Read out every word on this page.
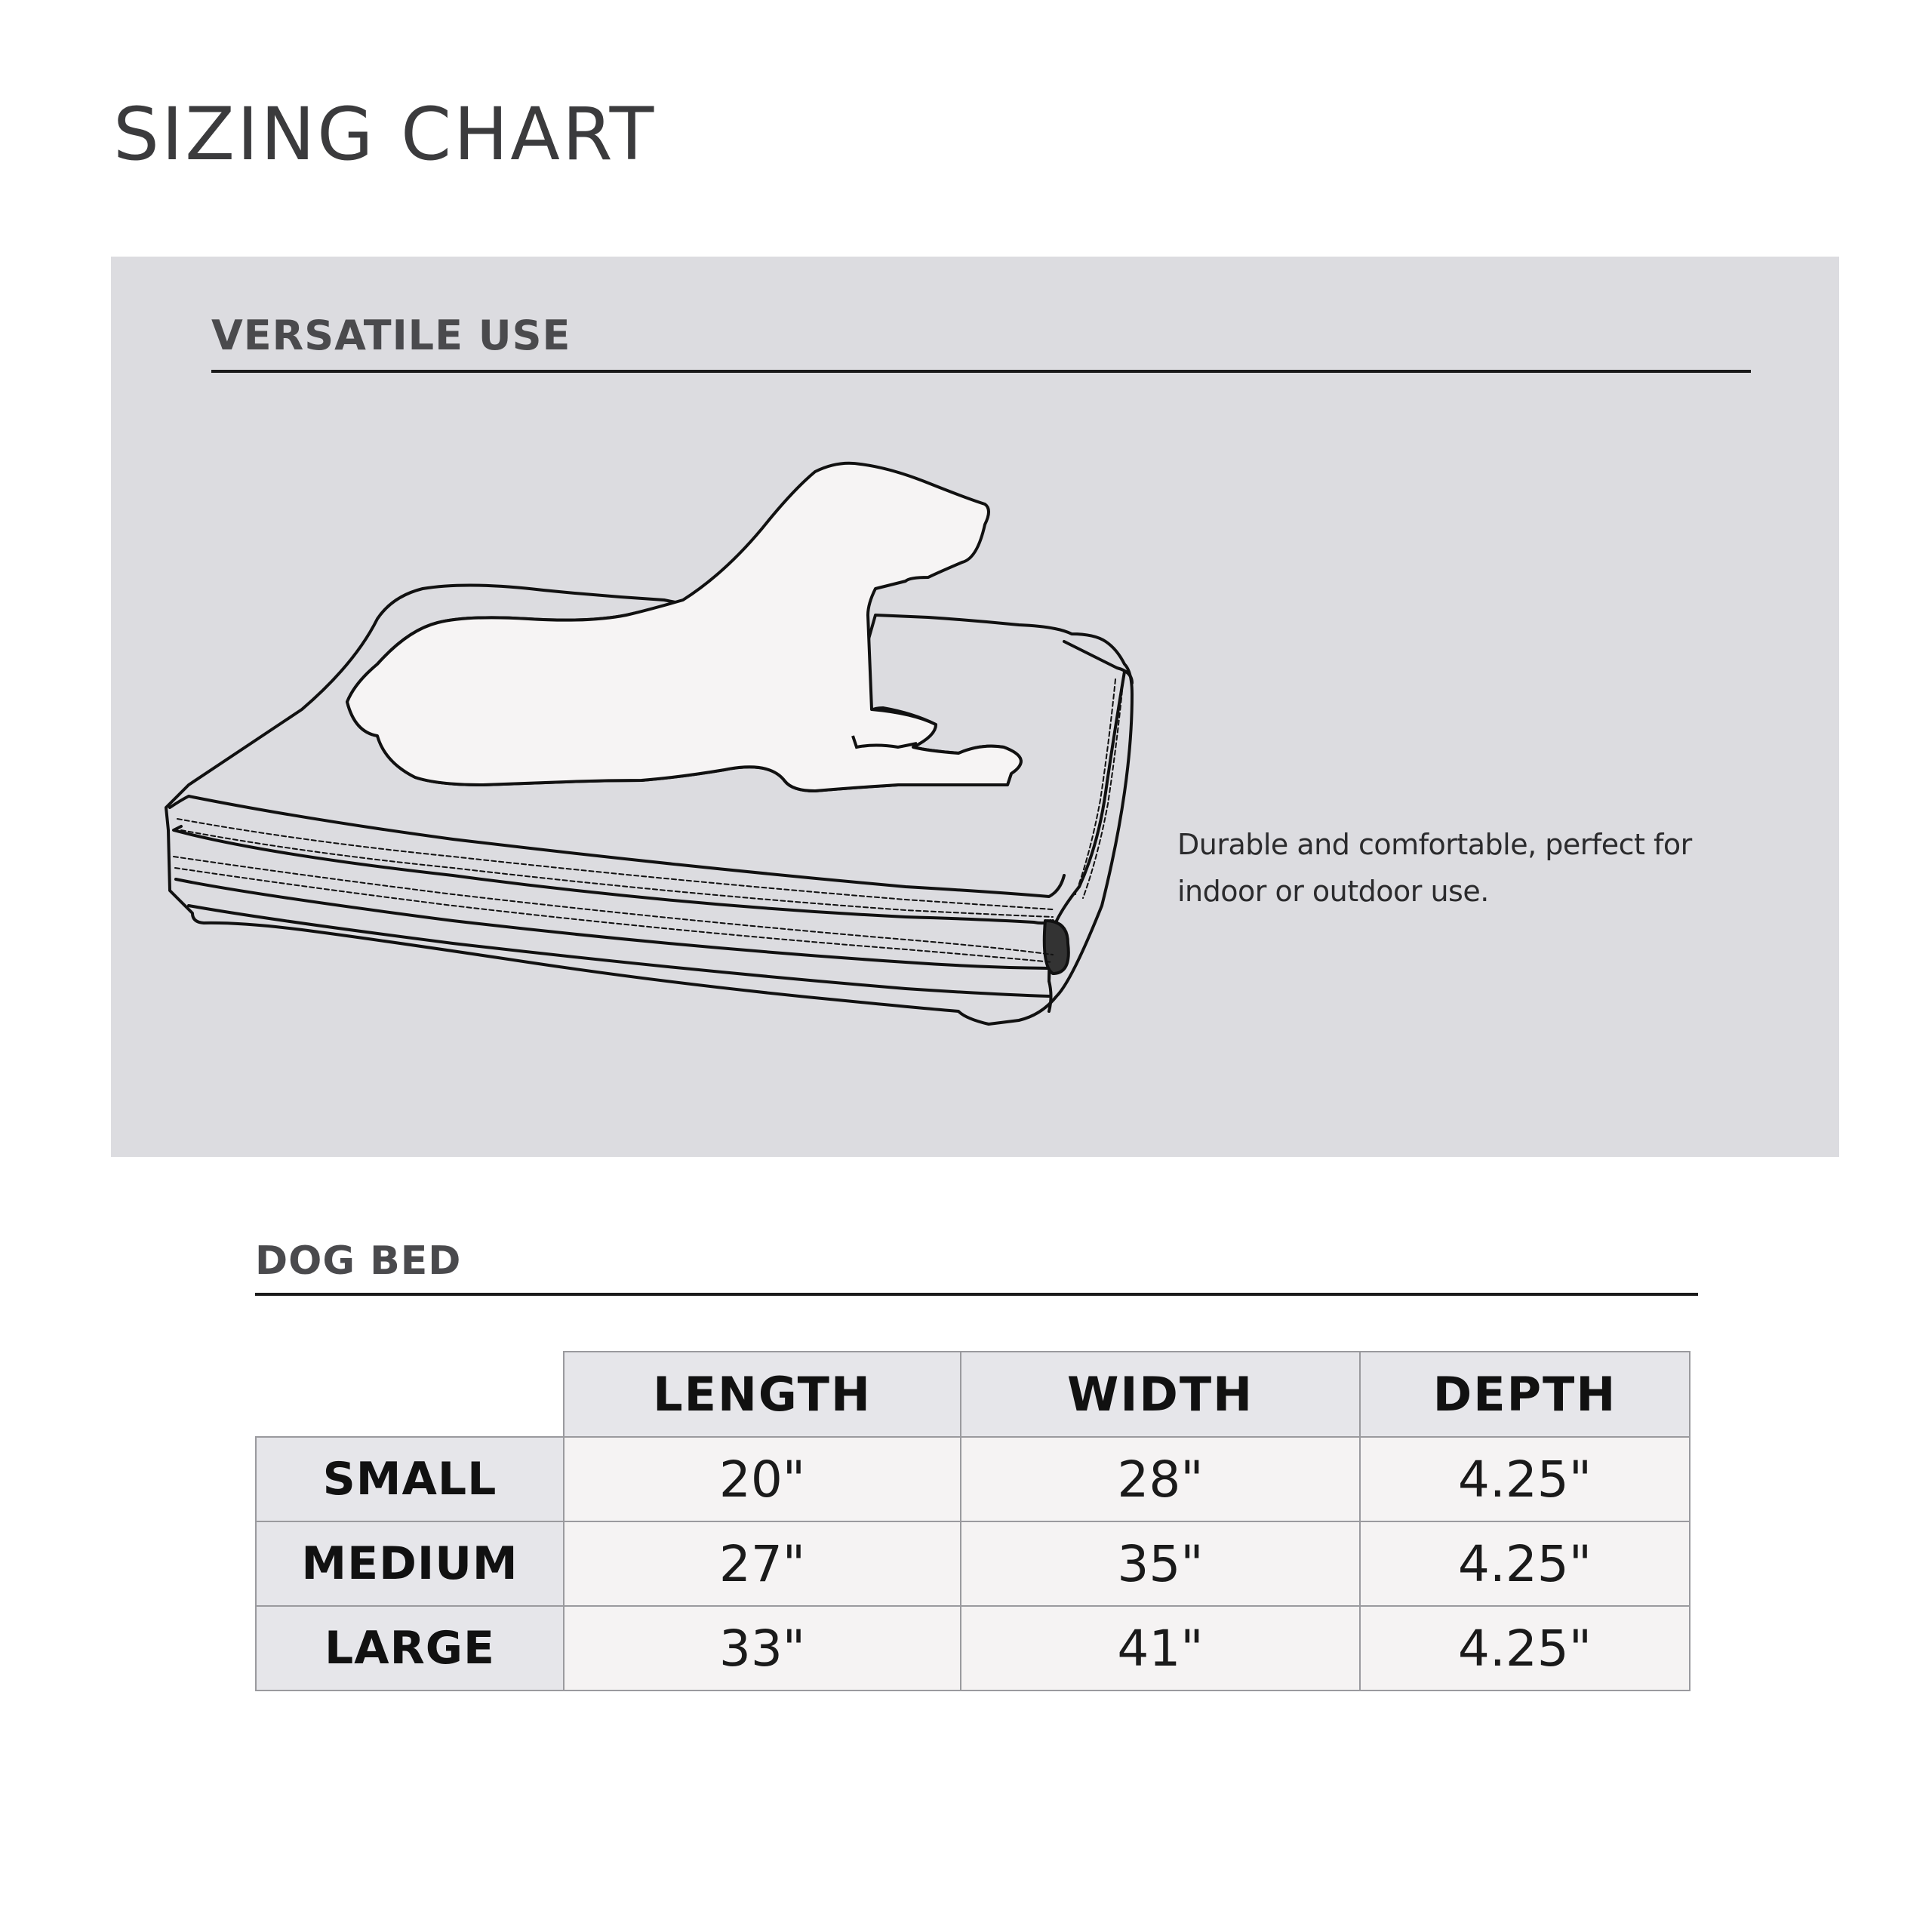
SIZING CHART
VERSATILE USE

Durable and comfortable, perfect for indoor or outdoor use.

DOG BED
	LENGTH	WIDTH	DEPTH
SMALL	20"	28"	4.25"
MEDIUM	27"	35"	4.25"
LARGE	33"	41"	4.25"
